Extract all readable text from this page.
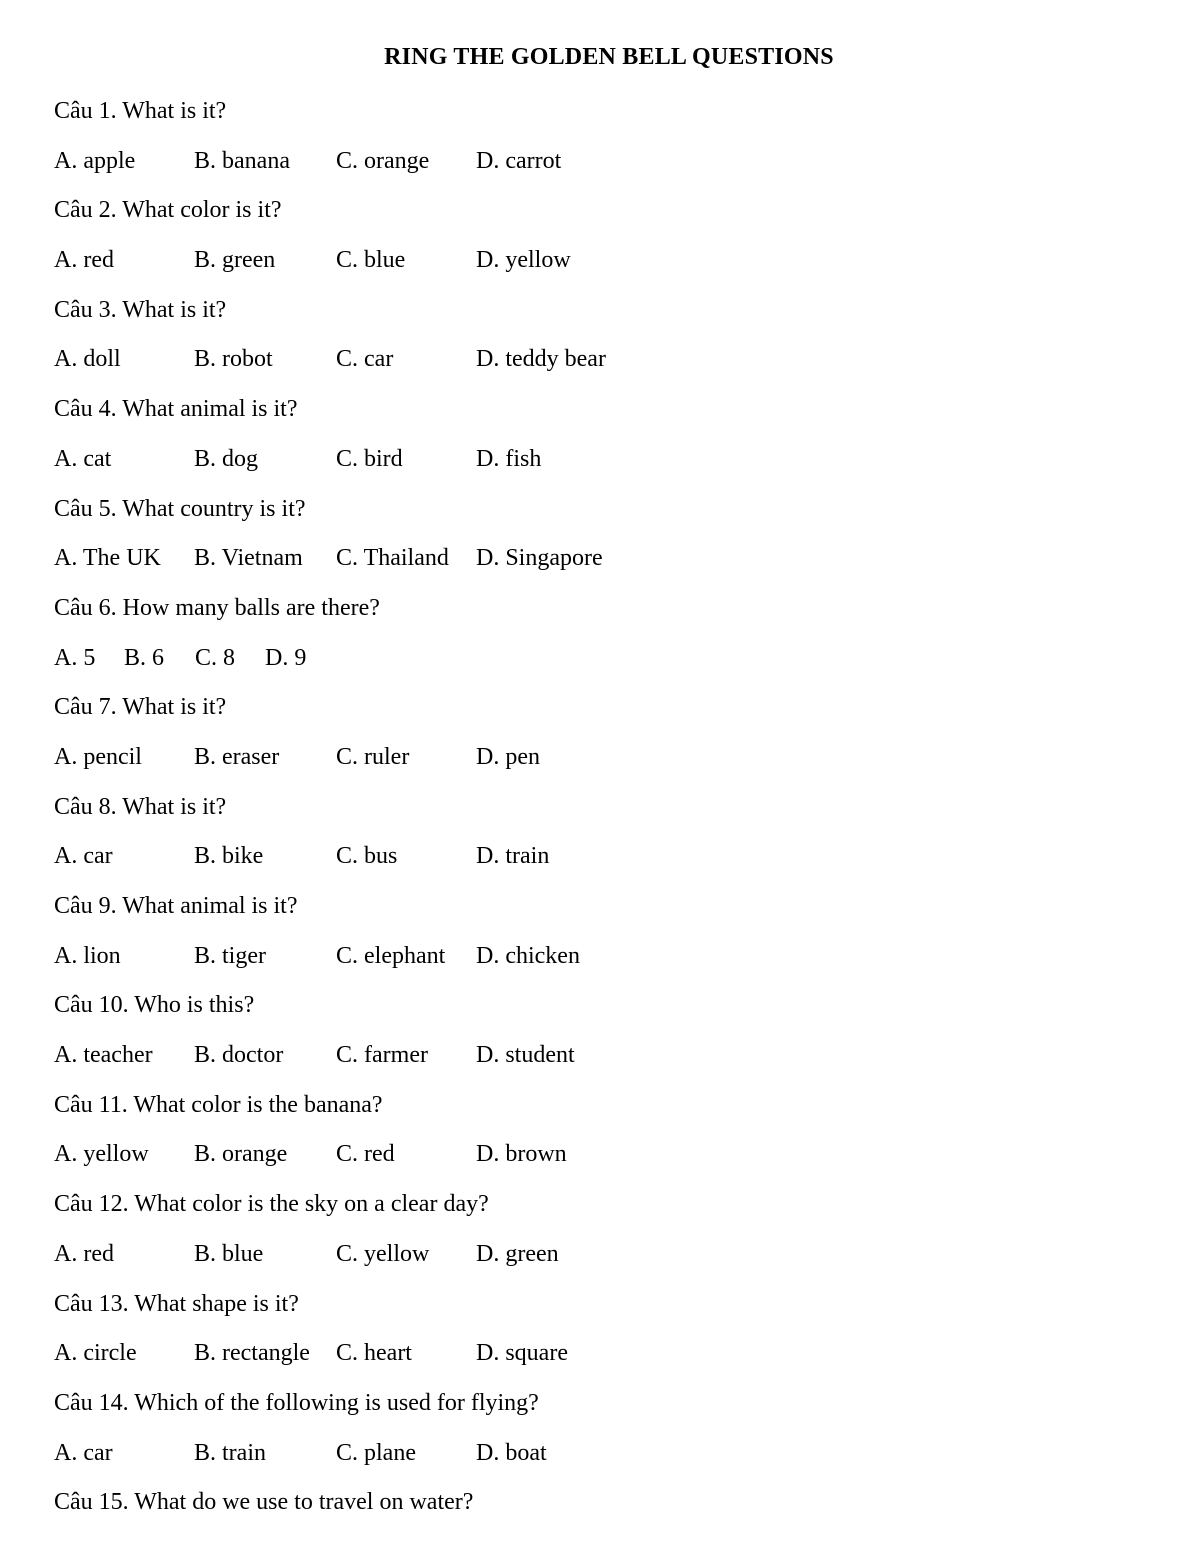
RING THE GOLDEN BELL QUESTIONS
Câu 1. What is it?
A. apple B. banana C. orange D. carrot
Câu 2. What color is it?
A. red	B. green	C. blue	D. yellow
Câu 3. What is it?
A. doll	B. robot	C. car	D. teddy bear
Câu 4. What animal is it?
A. cat	B. dog	C. bird	D. fish
Câu 5. What country is it?
A. The UK B. Vietnam C. Thailand D. Singapore
Câu 6. How many balls are there?
A. 5 B. 6 C. 8 D. 9
Câu 7. What is it?
A. pencil B. eraser C. ruler	D. pen
Câu 8. What is it?
A. car	B. bike	C. bus	D. train
Câu 9. What animal is it?
A. lion	B. tiger	C. elephant D. chicken
Câu 10. Who is this?
A. teacher B. doctor C. farmer D. student
Câu 11. What color is the banana?
A. yellow B. orange C. red	D. brown
Câu 12. What color is the sky on a clear day?
A. red	B. blue	C. yellow D. green
Câu 13. What shape is it?
A. circle B. rectangle C. heart	D. square
Câu 14. Which of the following is used for flying?
A. car	B. train	C. plane	D. boat
Câu 15. What do we use to travel on water?
